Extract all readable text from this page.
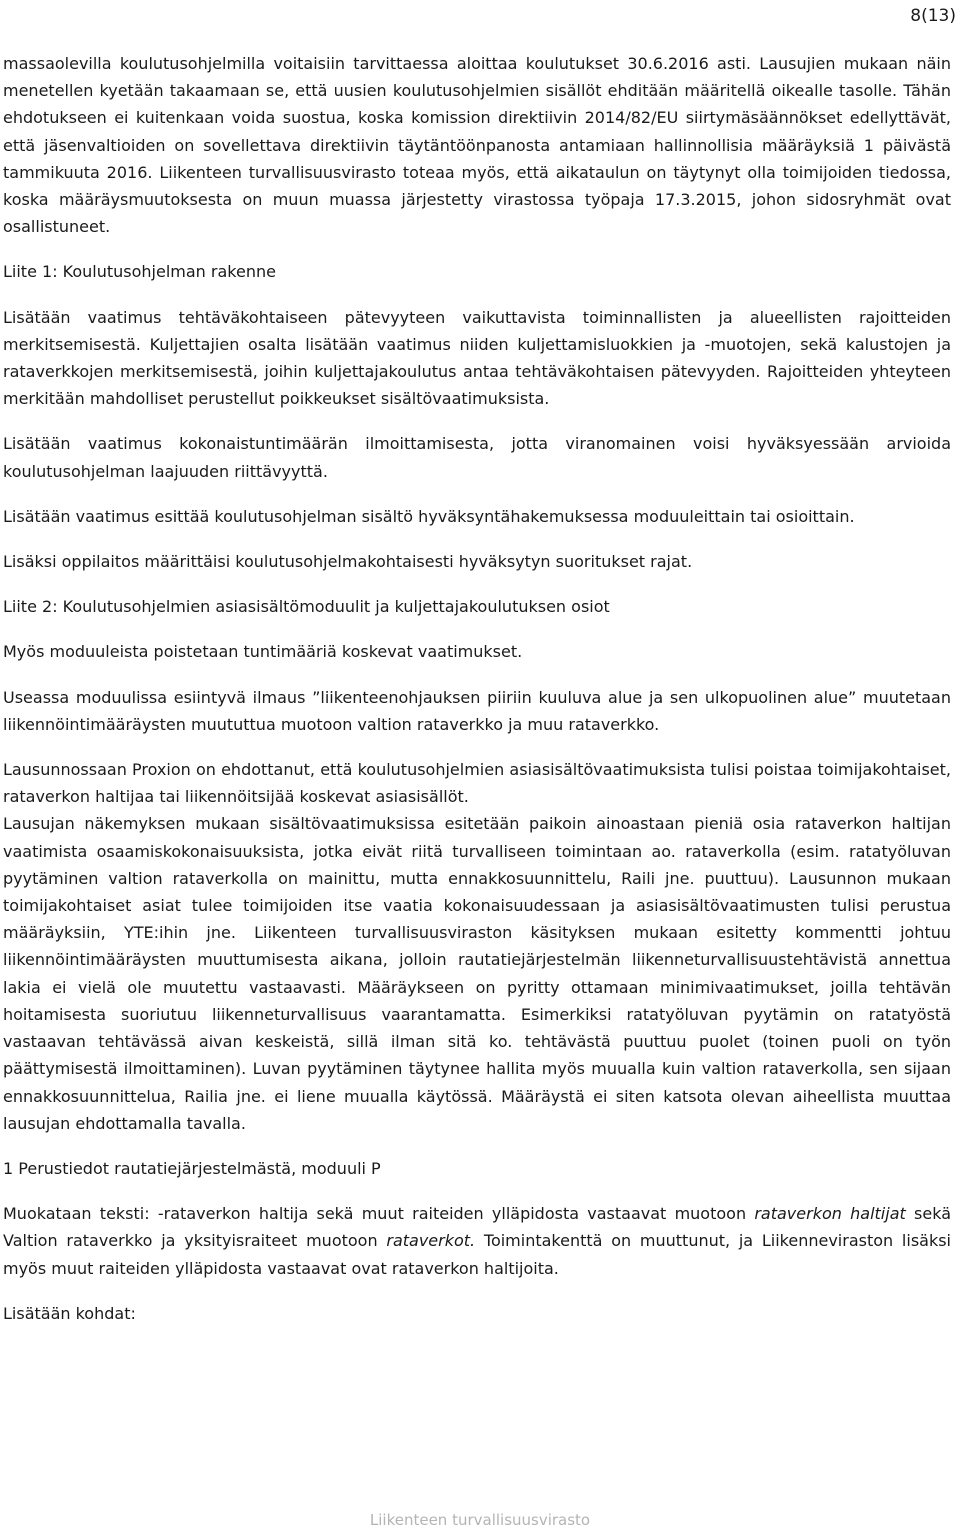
8(13)

massaolevilla koulutusohjelmilla voitaisiin tarvittaessa aloittaa koulutukset 30.6.2016 asti. Lausujien mukaan näin menetellen kyetään takaamaan se, että uusien koulutusohjelmien sisällöt ehditään määritellä oikealle tasolle. Tähän ehdotukseen ei kuitenkaan voida suostua, koska komission direktiivin 2014/82/EU siirtymäsäännökset edellyttävät, että jäsenvaltioiden on sovellettava direktiivin täytäntöönpanosta antamiaan hallinnollisia määräyksiä 1 päivästä tammikuuta 2016. Liikenteen turvallisuusvirasto toteaa myös, että aikataulun on täytynyt olla toimijoiden tiedossa, koska määräysmuutoksesta on muun muassa järjestetty virastossa työpaja 17.3.2015, johon sidosryhmät ovat osallistuneet.

Liite 1: Koulutusohjelman rakenne

Lisätään vaatimus tehtäväkohtaiseen pätevyyteen vaikuttavista toiminnallisten ja alueellisten rajoitteiden merkitsemisestä. Kuljettajien osalta lisätään vaatimus niiden kuljettamisluokkien ja -muotojen, sekä kalustojen ja rataverkkojen merkitsemisestä, joihin kuljettajakoulutus antaa tehtäväkohtaisen pätevyyden. Rajoitteiden yhteyteen merkitään mahdolliset perustellut poikkeukset sisältövaatimuksista.

Lisätään vaatimus kokonaistuntimäärän ilmoittamisesta, jotta viranomainen voisi hyväksyessään arvioida koulutusohjelman laajuuden riittävyyttä.

Lisätään vaatimus esittää koulutusohjelman sisältö hyväksyntähakemuksessa moduuleittain tai osioittain.

Lisäksi oppilaitos määrittäisi koulutusohjelmakohtaisesti hyväksytyn suoritukset rajat.

Liite 2: Koulutusohjelmien asiasisältömoduulit ja kuljettajakoulutuksen osiot

Myös moduuleista poistetaan tuntimääriä koskevat vaatimukset.

Useassa moduulissa esiintyvä ilmaus ”liikenteenohjauksen piiriin kuuluva alue ja sen ulkopuolinen alue” muutetaan liikennöintimääräysten muututtua muotoon valtion rataverkko ja muu rataverkko.

Lausunnossaan Proxion on ehdottanut, että koulutusohjelmien asiasisältövaatimuksista tulisi poistaa toimijakohtaiset, rataverkon haltijaa tai liikennöitsijää koskevat asiasisällöt.

Lausujan näkemyksen mukaan sisältövaatimuksissa esitetään paikoin ainoastaan pieniä osia rataverkon haltijan vaatimista osaamiskokonaisuuksista, jotka eivät riitä turvalliseen toimintaan ao. rataverkolla (esim. ratatyöluvan pyytäminen valtion rataverkolla on mainittu, mutta ennakkosuunnittelu, Raili jne. puuttuu). Lausunnon mukaan toimijakohtaiset asiat tulee toimijoiden itse vaatia kokonaisuudessaan ja asiasisältövaatimusten tulisi perustua määräyksiin, YTE:ihin jne. Liikenteen turvallisuusviraston käsityksen mukaan esitetty kommentti johtuu liikennöintimääräysten muuttumisesta aikana, jolloin rautatiejärjestelmän liikenneturvallisuustehtävistä annettua lakia ei vielä ole muutettu vastaavasti. Määräykseen on pyritty ottamaan minimivaatimukset, joilla tehtävän hoitamisesta suoriutuu liikenneturvallisuus vaarantamatta. Esimerkiksi ratatyöluvan pyytämin on ratatyöstä vastaavan tehtävässä aivan keskeistä, sillä ilman sitä ko. tehtävästä puuttuu puolet (toinen puoli on työn päättymisestä ilmoittaminen). Luvan pyytäminen täytynee hallita myös muualla kuin valtion rataverkolla, sen sijaan ennakkosuunnittelua, Railia jne. ei liene muualla käytössä. Määräystä ei siten katsota olevan aiheellista muuttaa lausujan ehdottamalla tavalla.

1 Perustiedot rautatiejärjestelmästä, moduuli P

Muokataan teksti: -rataverkon haltija sekä muut raiteiden ylläpidosta vastaavat muotoon rataverkon haltijat sekä Valtion rataverkko ja yksityisraiteet muotoon rataverkot. Toimintakenttä on muuttunut, ja Liikenneviraston lisäksi myös muut raiteiden ylläpidosta vastaavat ovat rataverkon haltijoita.

Lisätään kohdat:

Liikenteen turvallisuusvirasto
